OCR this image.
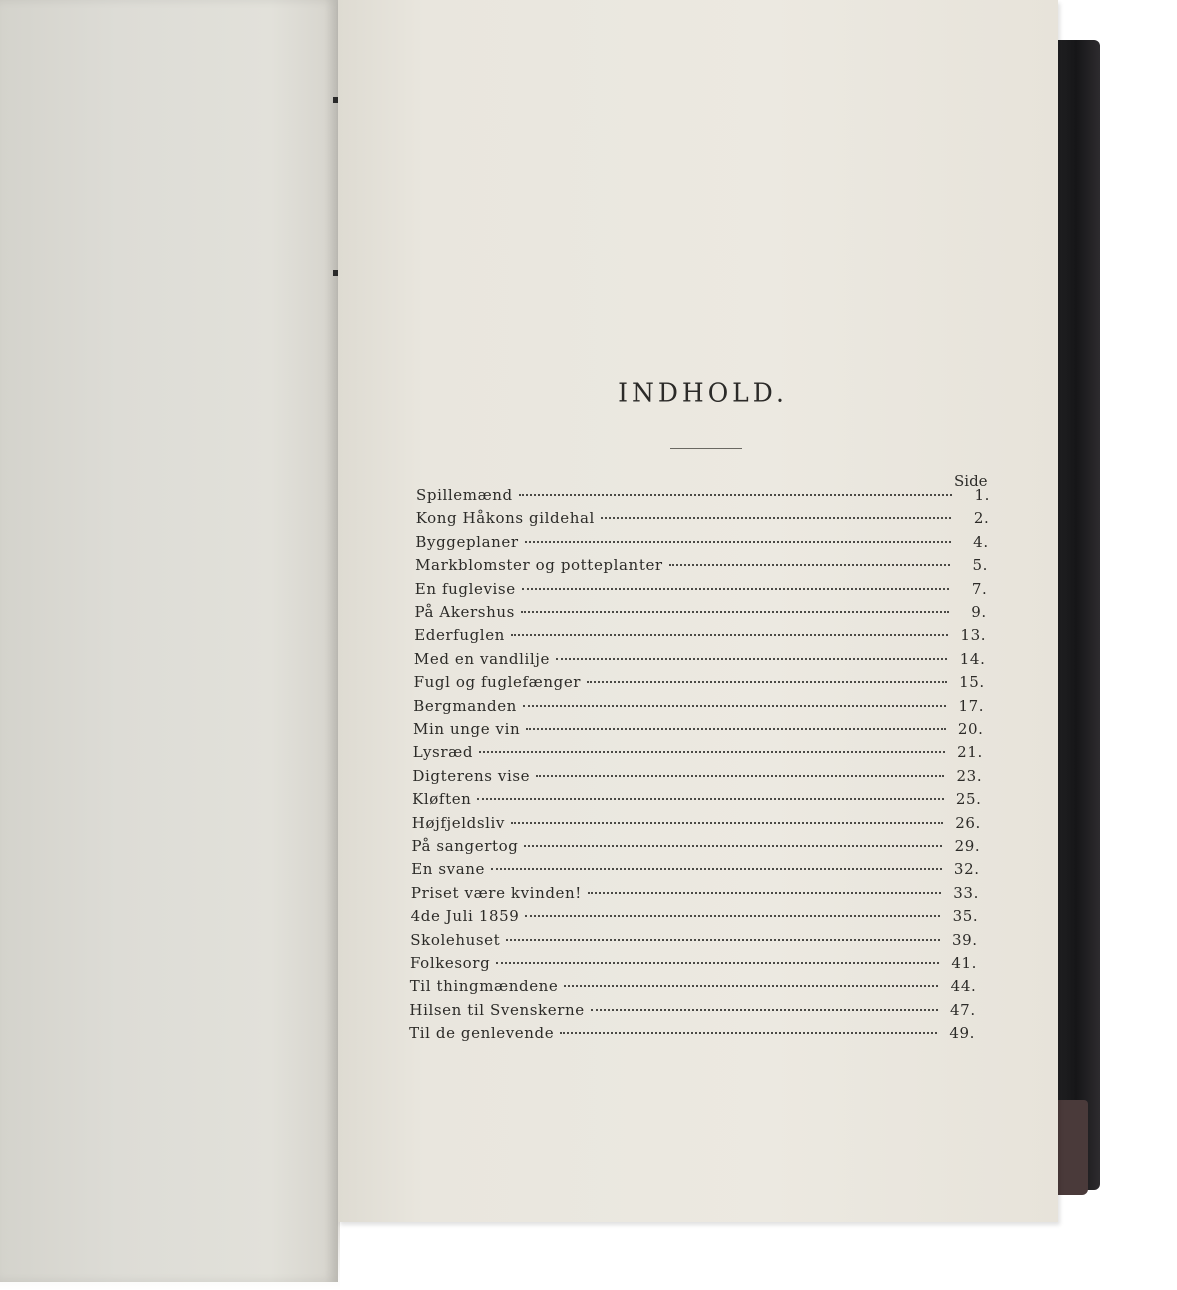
INDHOLD.
Side
Spillemænd	1.
Kong Håkons gildehal	2.
Byggeplaner	4.
Markblomster og potteplanter	5.
En fuglevise	7.
På Akershus	9.
Ederfuglen	13.
Med en vandlilje	14.
Fugl og fuglefænger	15.
Bergmanden	17.
Min unge vin	20.
Lysræd	21.
Digterens vise	23.
Kløften	25.
Højfjeldsliv	26.
På sangertog	29.
En svane	32.
Priset være kvinden!	33.
4de Juli 1859	35.
Skolehuset	39.
Folkesorg	41.
Til thingmændene	44.
Hilsen til Svenskerne	47.
Til de genlevende	49.
